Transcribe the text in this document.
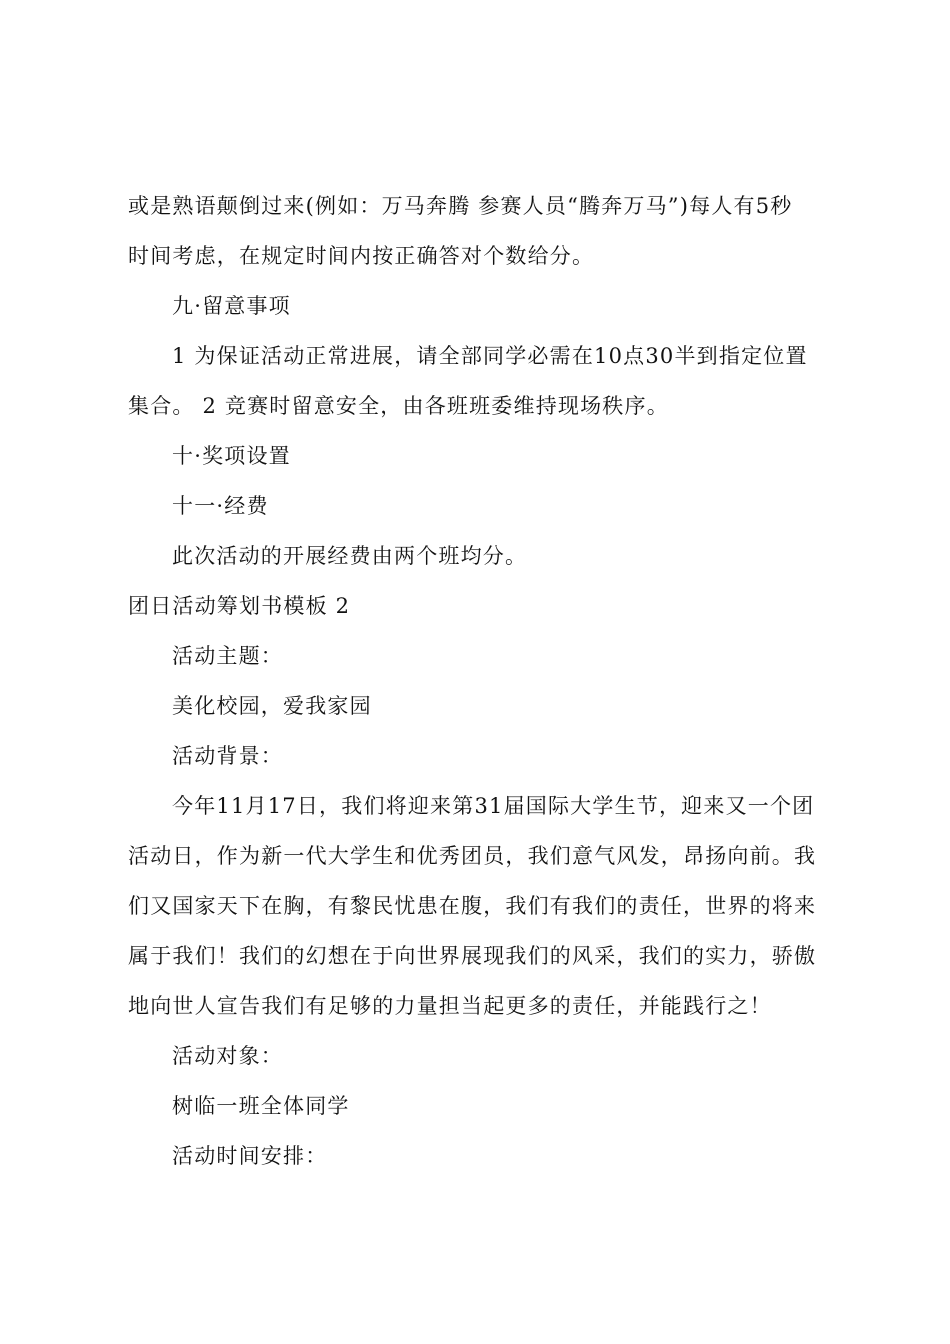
或是熟语颠倒过来(例如：万马奔腾 参赛人员“腾奔万马”)每人有5秒
时间考虑，在规定时间内按正确答对个数给分。
九·留意事项
1 为保证活动正常进展，请全部同学必需在10点30半到指定位置
集合。 2 竞赛时留意安全，由各班班委维持现场秩序。
十·奖项设置
十一·经费
此次活动的开展经费由两个班均分。
团日活动筹划书模板 2
活动主题：
美化校园，爱我家园
活动背景：
今年11月17日，我们将迎来第31届国际大学生节，迎来又一个团
活动日，作为新一代大学生和优秀团员，我们意气风发，昂扬向前。我
们又国家天下在胸，有黎民忧患在腹，我们有我们的责任，世界的将来
属于我们！我们的幻想在于向世界展现我们的风采，我们的实力，骄傲
地向世人宣告我们有足够的力量担当起更多的责任，并能践行之！
活动对象：
树临一班全体同学
活动时间安排：
